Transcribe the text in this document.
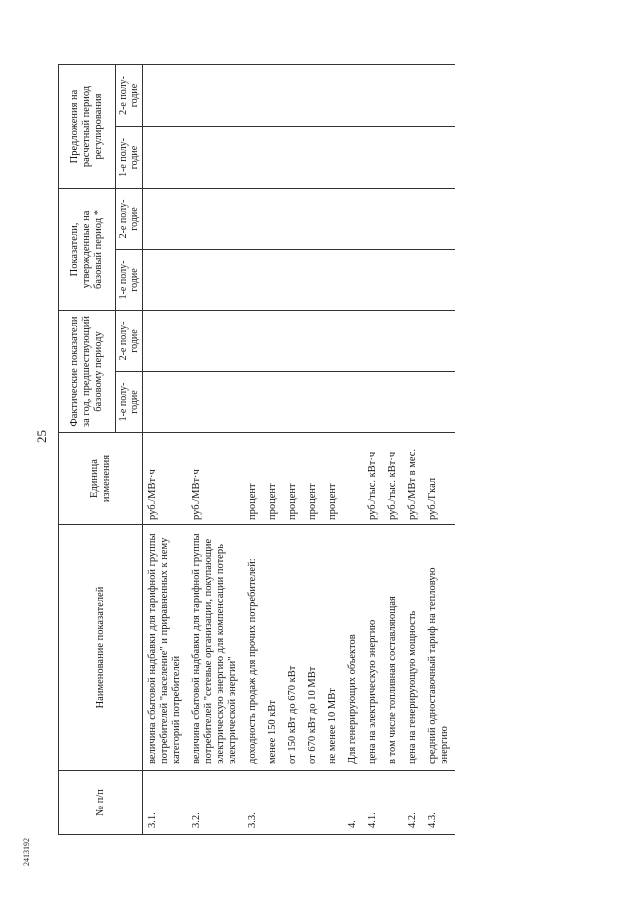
25
2413192
№ п/п	Наименование показателей	Единица изменения	Фактические показатели за год, предшествующий базовому периоду		Показатели, утвержденные на базовый период *		Предложения на расчетный период регулирования	
			1-е полу- годие	2-е полу- годие	1-е полу- годие	2-е полу- годие	1-е полу- годие	2-е полу- годие
3.1.	величина сбытовой надбавки для тарифной группы потребителей "население" и приравненных к нему категорий потребителей	руб./МВт·ч						
3.2.	величина сбытовой надбавки для тарифной группы потребителей "сетевые организации, покупающие электрическую энергию для компенсации потерь электрической энергии"	руб./МВт·ч						
3.3.	доходность продаж для прочих потребителей:	процент						
	менее 150 кВт	процент						
	от 150 кВт до 670 кВт	процент						
	от 670 кВт до 10 МВт	процент						
	не менее 10 МВт	процент						
4.	Для генерирующих объектов							
4.1.	цена на электрическую энергию	руб./тыс. кВт·ч						
	в том числе топливная составляющая	руб./тыс. кВт·ч						
4.2.	цена на генерирующую мощность	руб./МВт в мес.						
4.3.	средний одноставочный тариф на тепловую энергию	руб./Гкал						
